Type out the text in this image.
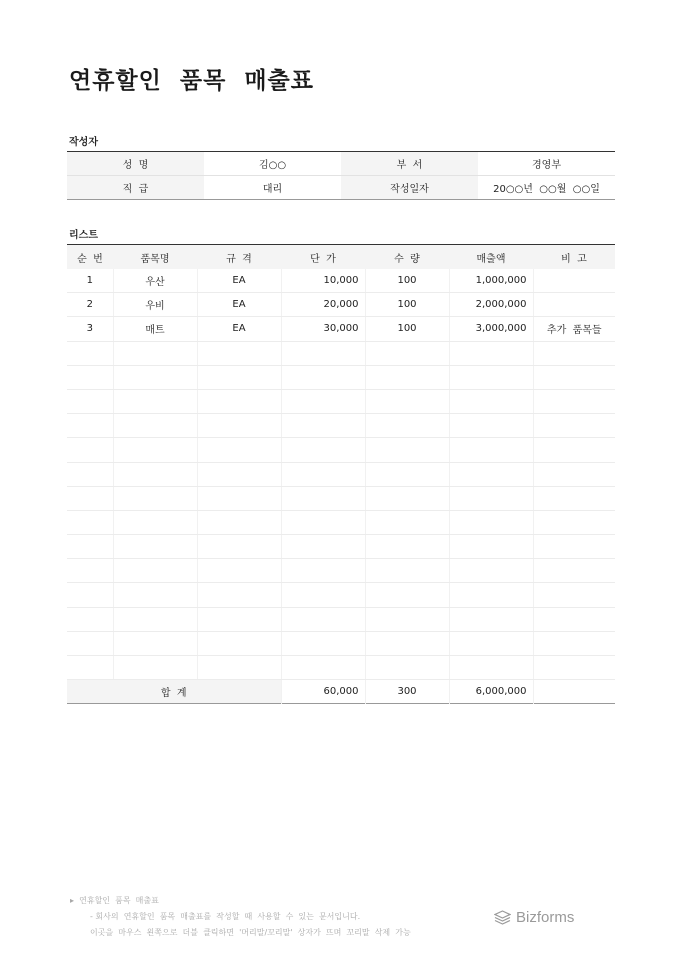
연휴할인  품목  매출표
작성자
성  명	김○○	부  서	경영부
직  급	대리	작성일자	20○○년  ○○월  ○○일
리스트
순  번	품목명	규  격	단  가	수  량	매출액	비  고
1	우산	EA	10,000	100	1,000,000	
2	우비	EA	20,000	100	2,000,000	
3	매트	EA	30,000	100	3,000,000	추가  품목들

합  계			60,000	300	6,000,000	
▸  연휴할인  품목  매출표
- 회사의  연휴할인  품목  매출표를  작성할  때  사용할  수  있는  문서입니다.
이곳을  마우스  왼쪽으로  더블  클릭하면  '머리말/꼬리말'  상자가  뜨며  꼬리말  삭제  가능
Bizforms
